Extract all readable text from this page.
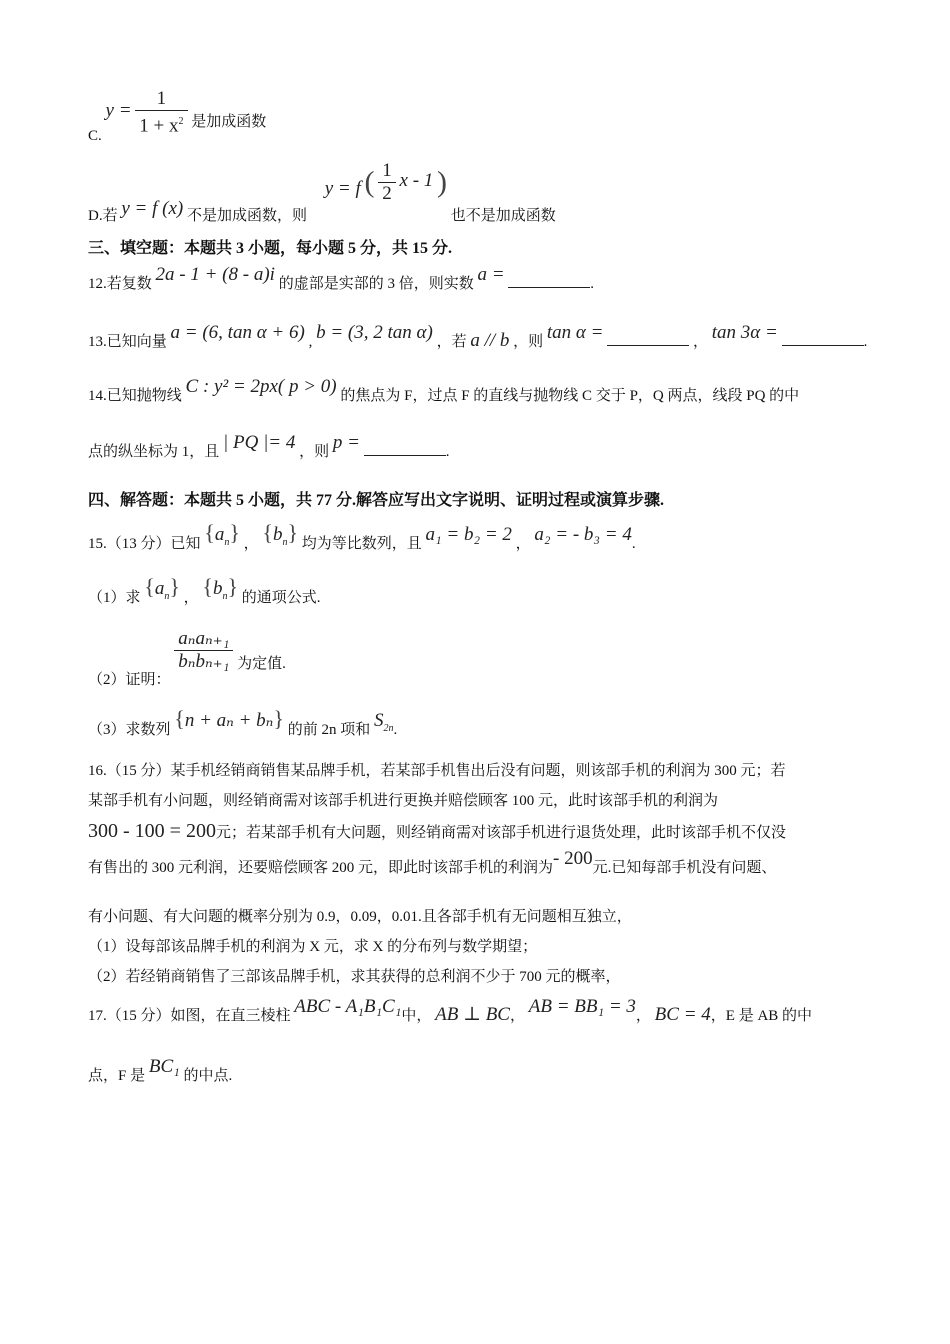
C. $y = \frac{1}{1 + x^2}$ 是加成函数
D.若 y = f (x) 不是加成函数，则 y = f ( $\frac{1}{2}$ x - 1 ) 也不是加成函数
三、填空题：本题共 3 小题，每小题 5 分，共 15 分.
12.若复数 2a - 1 + (8 - a)i 的虚部是实部的 3 倍，则实数 a =	.
13.已知向量 a = (6, tan α + 6) , b = (3, 2 tan α) ，若 a // b ，则 tan α =	， tan 3α =	.
14.已知抛物线 C : y² = 2px( p > 0) 的焦点为 F，过点 F 的直线与抛物线 C 交于 P，Q 两点，线段 PQ 的中
点的纵坐标为 1，且 | PQ |= 4 ，则 p =	.
四、解答题：本题共 5 小题，共 77 分.解答应写出文字说明、证明过程或演算步骤.
15.（13 分）已知 $\{a_n\}$ ， $\{b_n\}$ 均为等比数列，且 a₁ = b₂ = 2 ， a₂ = - b₃ = 4.
（1）求 $\{a_n\}$ ， $\{b_n\}$ 的通项公式.
（2）证明：
$\frac{\text{aₙaₙ₊₁}}{\text{bₙbₙ₊₁}}$ 为定值.
（3）求数列 {n + aₙ + bₙ} 的前 2n 项和 $S_{2n}$.
16.（15 分）某手机经销商销售某品牌手机，若某部手机售出后没有问题，则该部手机的利润为 300 元；若
某部手机有小问题，则经销商需对该部手机进行更换并赔偿顾客 100 元，此时该部手机的利润为
300 - 100 = 200元；若某部手机有大问题，则经销商需对该部手机进行退货处理，此时该部手机不仅没
有售出的 300 元利润，还要赔偿顾客 200 元，即此时该部手机的利润为- 200元.已知每部手机没有问题、
有小问题、有大问题的概率分别为 0.9，0.09，0.01.且各部手机有无问题相互独立，
（1）设每部该品牌手机的利润为 X 元，求 X 的分布列与数学期望；
（2）若经销商销售了三部该品牌手机，求其获得的总利润不少于 700 元的概率，
17.（15 分）如图，在直三棱柱 ABC - A₁B₁C₁中， AB ⊥ BC， AB = BB₁ = 3， BC = 4，E 是 AB 的中
点，F 是 BC₁ 的中点.
